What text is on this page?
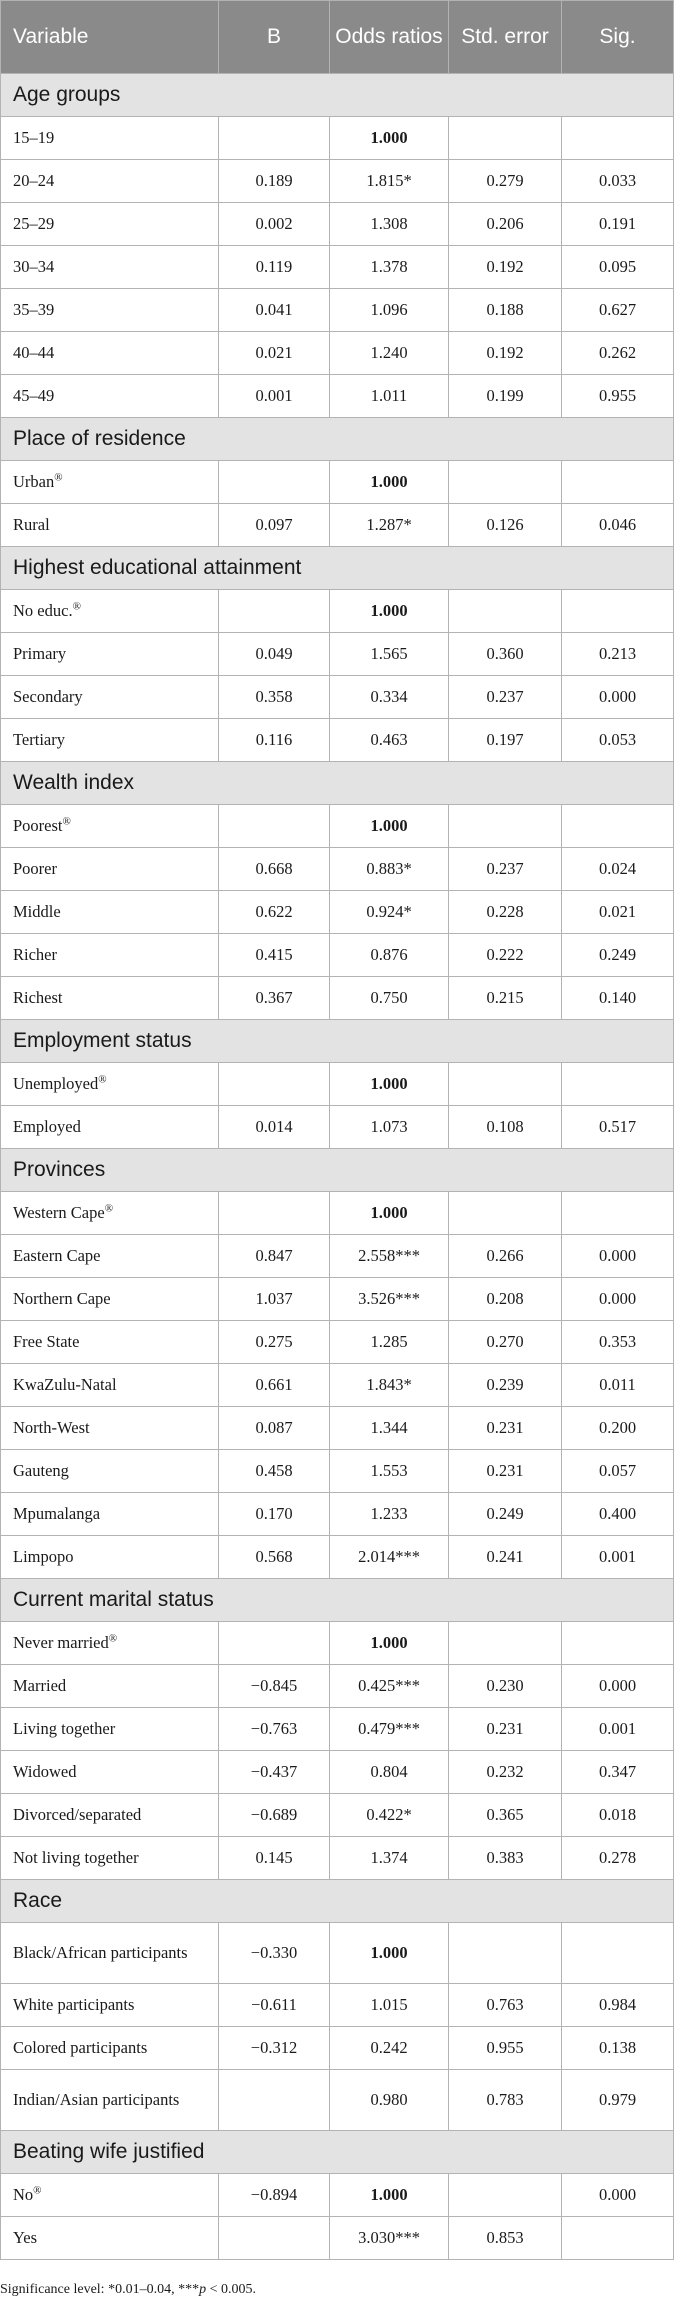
Variable	B	Odds ratios	Std. error	Sig.
Age groups				
15–19		1.000		
20–24	0.189	1.815*	0.279	0.033
25–29	0.002	1.308	0.206	0.191
30–34	0.119	1.378	0.192	0.095
35–39	0.041	1.096	0.188	0.627
40–44	0.021	1.240	0.192	0.262
45–49	0.001	1.011	0.199	0.955
Place of residence				
Urban®		1.000		
Rural	0.097	1.287*	0.126	0.046
Highest educational attainment				
No educ.®		1.000		
Primary	0.049	1.565	0.360	0.213
Secondary	0.358	0.334	0.237	0.000
Tertiary	0.116	0.463	0.197	0.053
Wealth index				
Poorest®		1.000		
Poorer	0.668	0.883*	0.237	0.024
Middle	0.622	0.924*	0.228	0.021
Richer	0.415	0.876	0.222	0.249
Richest	0.367	0.750	0.215	0.140
Employment status				
Unemployed®		1.000		
Employed	0.014	1.073	0.108	0.517
Provinces				
Western Cape®		1.000		
Eastern Cape	0.847	2.558***	0.266	0.000
Northern Cape	1.037	3.526***	0.208	0.000
Free State	0.275	1.285	0.270	0.353
KwaZulu-Natal	0.661	1.843*	0.239	0.011
North-West	0.087	1.344	0.231	0.200
Gauteng	0.458	1.553	0.231	0.057
Mpumalanga	0.170	1.233	0.249	0.400
Limpopo	0.568	2.014***	0.241	0.001
Current marital status				
Never married®		1.000		
Married	−0.845	0.425***	0.230	0.000
Living together	−0.763	0.479***	0.231	0.001
Widowed	−0.437	0.804	0.232	0.347
Divorced/separated	−0.689	0.422*	0.365	0.018
Not living together	0.145	1.374	0.383	0.278
Race				
Black/African participants	−0.330	1.000		
White participants	−0.611	1.015	0.763	0.984
Colored participants	−0.312	0.242	0.955	0.138
Indian/Asian participants		0.980	0.783	0.979
Beating wife justified				
No®	−0.894	1.000		0.000
Yes		3.030***	0.853	
Significance level: *0.01–0.04, ***p < 0.005.
